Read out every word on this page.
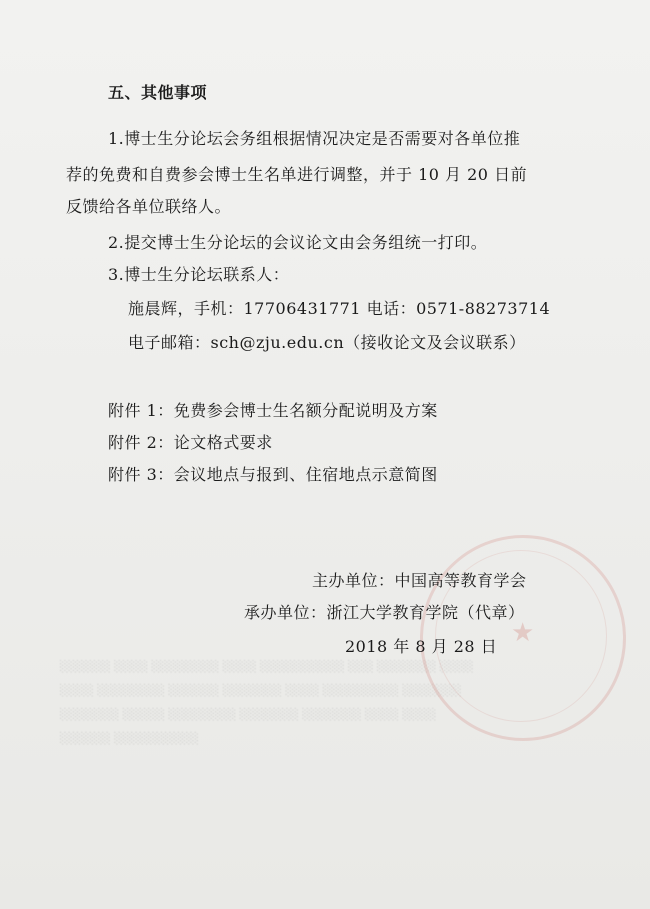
░░░░░░ ░░░░ ░░░░░░░░ ░░░░ ░░░░░░░░░░ ░░░ ░░░░░░░ ░░░░
░░░░ ░░░░░░░░ ░░░░░░ ░░░░░░░ ░░░░ ░░░░░░░░░ ░░░░░░░
░░░░░░░ ░░░░░ ░░░░░░░░ ░░░░░░░ ░░░░░░░ ░░░░ ░░░░
░░░░░░ ░░░░░░░░░░
★
五、其他事项
1.博士生分论坛会务组根据情况决定是否需要对各单位推
荐的免费和自费参会博士生名单进行调整，并于 10 月 20 日前
反馈给各单位联络人。
2.提交博士生分论坛的会议论文由会务组统一打印。
3.博士生分论坛联系人：
施晨辉，手机：17706431771 电话：0571-88273714
电子邮箱：sch@zju.edu.cn（接收论文及会议联系）
附件 1：免费参会博士生名额分配说明及方案
附件 2：论文格式要求
附件 3：会议地点与报到、住宿地点示意简图
主办单位：中国高等教育学会
承办单位：浙江大学教育学院（代章）
2018 年 8 月 28 日
